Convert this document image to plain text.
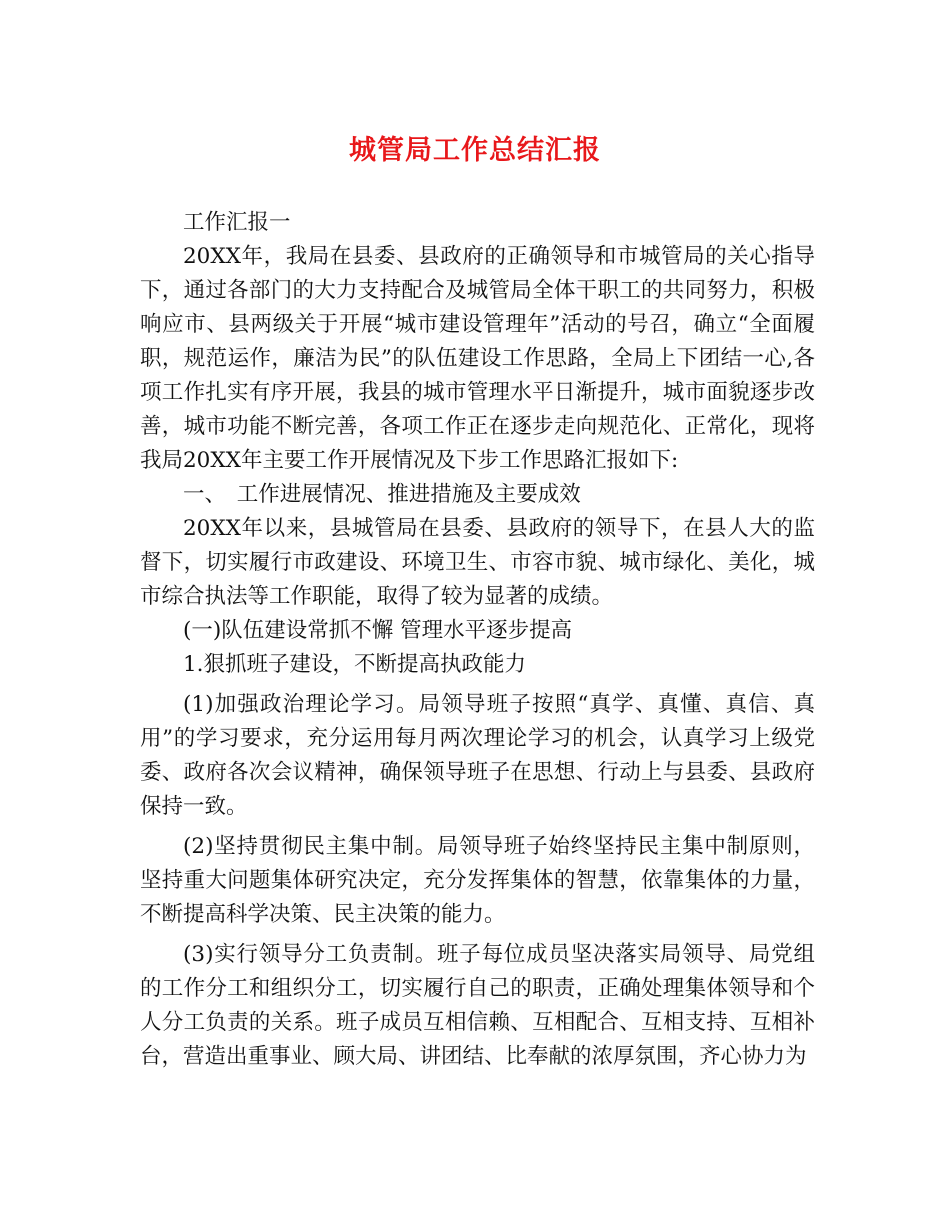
城管局工作总结汇报

工作汇报一

20XX年，我局在县委、县政府的正确领导和市城管局的关心指导下，通过各部门的大力支持配合及城管局全体干职工的共同努力，积极响应市、县两级关于开展“城市建设管理年”活动的号召，确立“全面履职，规范运作，廉洁为民”的队伍建设工作思路，全局上下团结一心,各项工作扎实有序开展，我县的城市管理水平日渐提升，城市面貌逐步改善，城市功能不断完善，各项工作正在逐步走向规范化、正常化，现将我局20XX年主要工作开展情况及下步工作思路汇报如下:

一、　工作进展情况、推进措施及主要成效

20XX年以来，县城管局在县委、县政府的领导下，在县人大的监督下，切实履行市政建设、环境卫生、市容市貌、城市绿化、美化，城市综合执法等工作职能，取得了较为显著的成绩。

(一)队伍建设常抓不懈 管理水平逐步提高

1.狠抓班子建设，不断提高执政能力

(1)加强政治理论学习。局领导班子按照“真学、真懂、真信、真用”的学习要求，充分运用每月两次理论学习的机会，认真学习上级党委、政府各次会议精神，确保领导班子在思想、行动上与县委、县政府保持一致。

(2)坚持贯彻民主集中制。局领导班子始终坚持民主集中制原则，坚持重大问题集体研究决定，充分发挥集体的智慧，依靠集体的力量，不断提高科学决策、民主决策的能力。

(3)实行领导分工负责制。班子每位成员坚决落实局领导、局党组的工作分工和组织分工，切实履行自己的职责，正确处理集体领导和个人分工负责的关系。班子成员互相信赖、互相配合、互相支持、互相补台，营造出重事业、顾大局、讲团结、比奉献的浓厚氛围，齐心协力为
